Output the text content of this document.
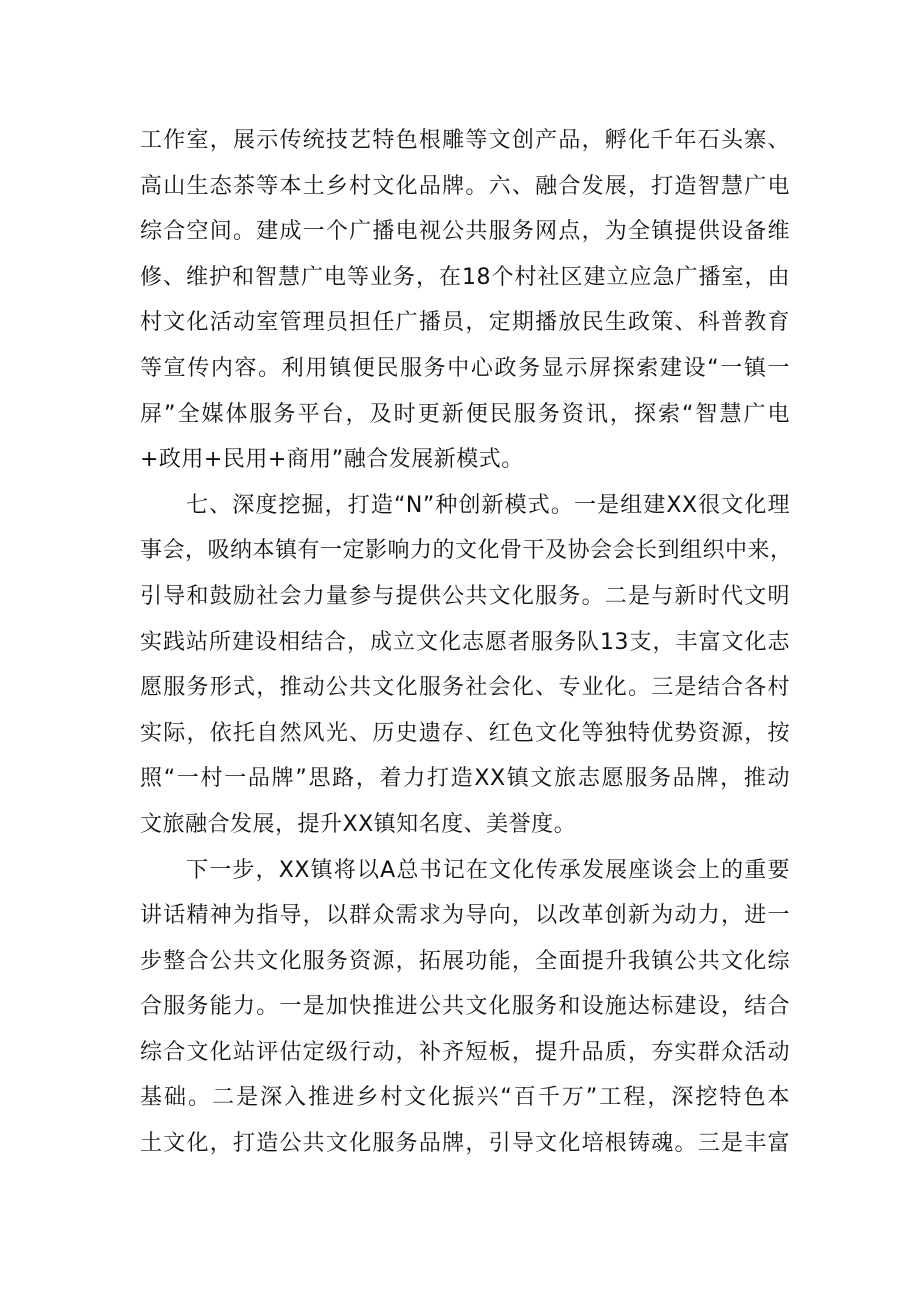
工作室，展示传统技艺特色根雕等文创产品，孵化千年石头寨、
高山生态茶等本土乡村文化品牌。六、融合发展，打造智慧广电
综合空间。建成一个广播电视公共服务网点，为全镇提供设备维
修、维护和智慧广电等业务，在18个村社区建立应急广播室，由
村文化活动室管理员担任广播员，定期播放民生政策、科普教育
等宣传内容。利用镇便民服务中心政务显示屏探索建设“一镇一
屏”全媒体服务平台，及时更新便民服务资讯，探索“智慧广电
+政用+民用+商用”融合发展新模式。
七、深度挖掘，打造“N”种创新模式。一是组建XX很文化理
事会，吸纳本镇有一定影响力的文化骨干及协会会长到组织中来，
引导和鼓励社会力量参与提供公共文化服务。二是与新时代文明
实践站所建设相结合，成立文化志愿者服务队13支，丰富文化志
愿服务形式，推动公共文化服务社会化、专业化。三是结合各村
实际，依托自然风光、历史遗存、红色文化等独特优势资源，按
照“一村一品牌”思路，着力打造XX镇文旅志愿服务品牌，推动
文旅融合发展，提升XX镇知名度、美誉度。
下一步，XX镇将以A总书记在文化传承发展座谈会上的重要
讲话精神为指导，以群众需求为导向，以改革创新为动力，进一
步整合公共文化服务资源，拓展功能，全面提升我镇公共文化综
合服务能力。一是加快推进公共文化服务和设施达标建设，结合
综合文化站评估定级行动，补齐短板，提升品质，夯实群众活动
基础。二是深入推进乡村文化振兴“百千万”工程，深挖特色本
土文化，打造公共文化服务品牌，引导文化培根铸魂。三是丰富
